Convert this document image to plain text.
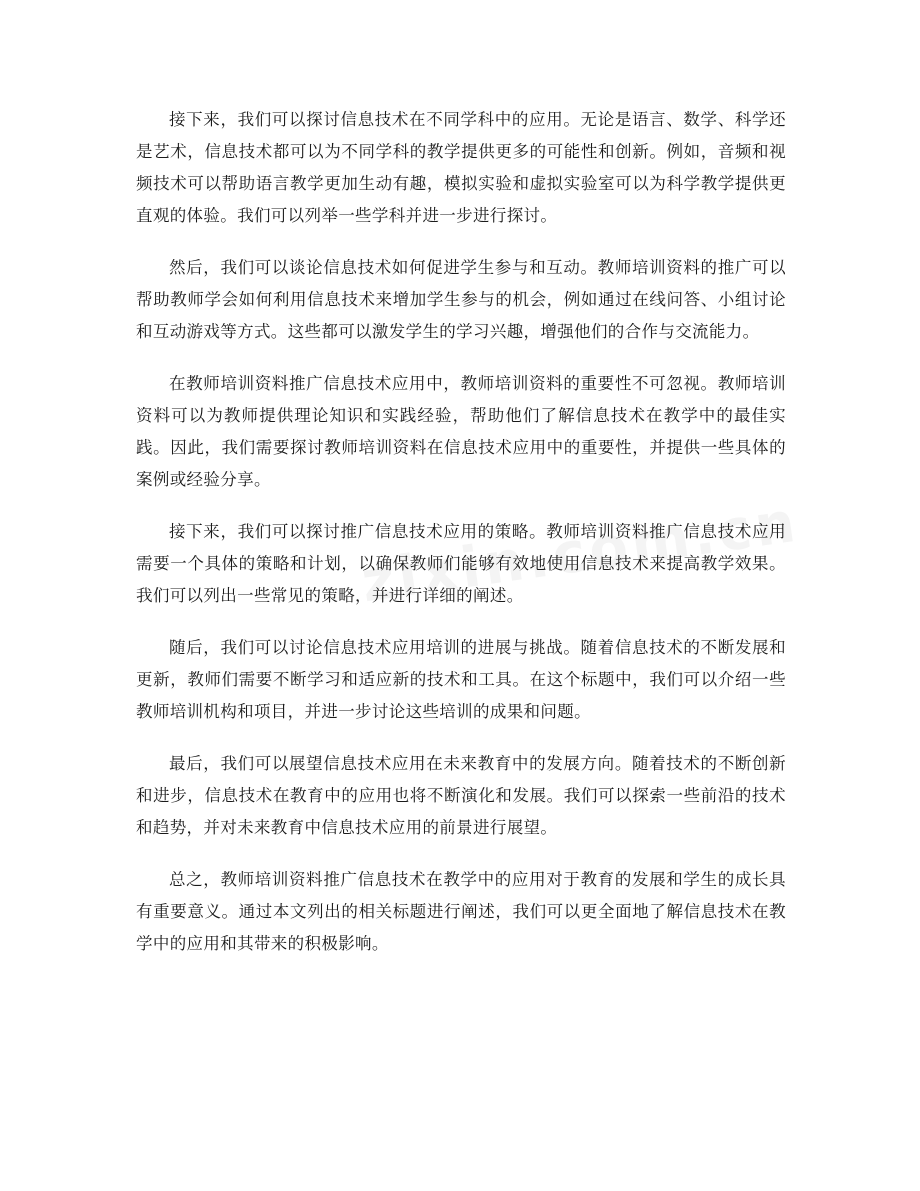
接下来，我们可以探讨信息技术在不同学科中的应用。无论是语言、数学、科学还是艺术，信息技术都可以为不同学科的教学提供更多的可能性和创新。例如，音频和视频技术可以帮助语言教学更加生动有趣，模拟实验和虚拟实验室可以为科学教学提供更直观的体验。我们可以列举一些学科并进一步进行探讨。

然后，我们可以谈论信息技术如何促进学生参与和互动。教师培训资料的推广可以帮助教师学会如何利用信息技术来增加学生参与的机会，例如通过在线问答、小组讨论和互动游戏等方式。这些都可以激发学生的学习兴趣，增强他们的合作与交流能力。

在教师培训资料推广信息技术应用中，教师培训资料的重要性不可忽视。教师培训资料可以为教师提供理论知识和实践经验，帮助他们了解信息技术在教学中的最佳实践。因此，我们需要探讨教师培训资料在信息技术应用中的重要性，并提供一些具体的案例或经验分享。

接下来，我们可以探讨推广信息技术应用的策略。教师培训资料推广信息技术应用需要一个具体的策略和计划，以确保教师们能够有效地使用信息技术来提高教学效果。我们可以列出一些常见的策略，并进行详细的阐述。

随后，我们可以讨论信息技术应用培训的进展与挑战。随着信息技术的不断发展和更新，教师们需要不断学习和适应新的技术和工具。在这个标题中，我们可以介绍一些教师培训机构和项目，并进一步讨论这些培训的成果和问题。

最后，我们可以展望信息技术应用在未来教育中的发展方向。随着技术的不断创新和进步，信息技术在教育中的应用也将不断演化和发展。我们可以探索一些前沿的技术和趋势，并对未来教育中信息技术应用的前景进行展望。

总之，教师培训资料推广信息技术在教学中的应用对于教育的发展和学生的成长具有重要意义。通过本文列出的相关标题进行阐述，我们可以更全面地了解信息技术在教学中的应用和其带来的积极影响。
